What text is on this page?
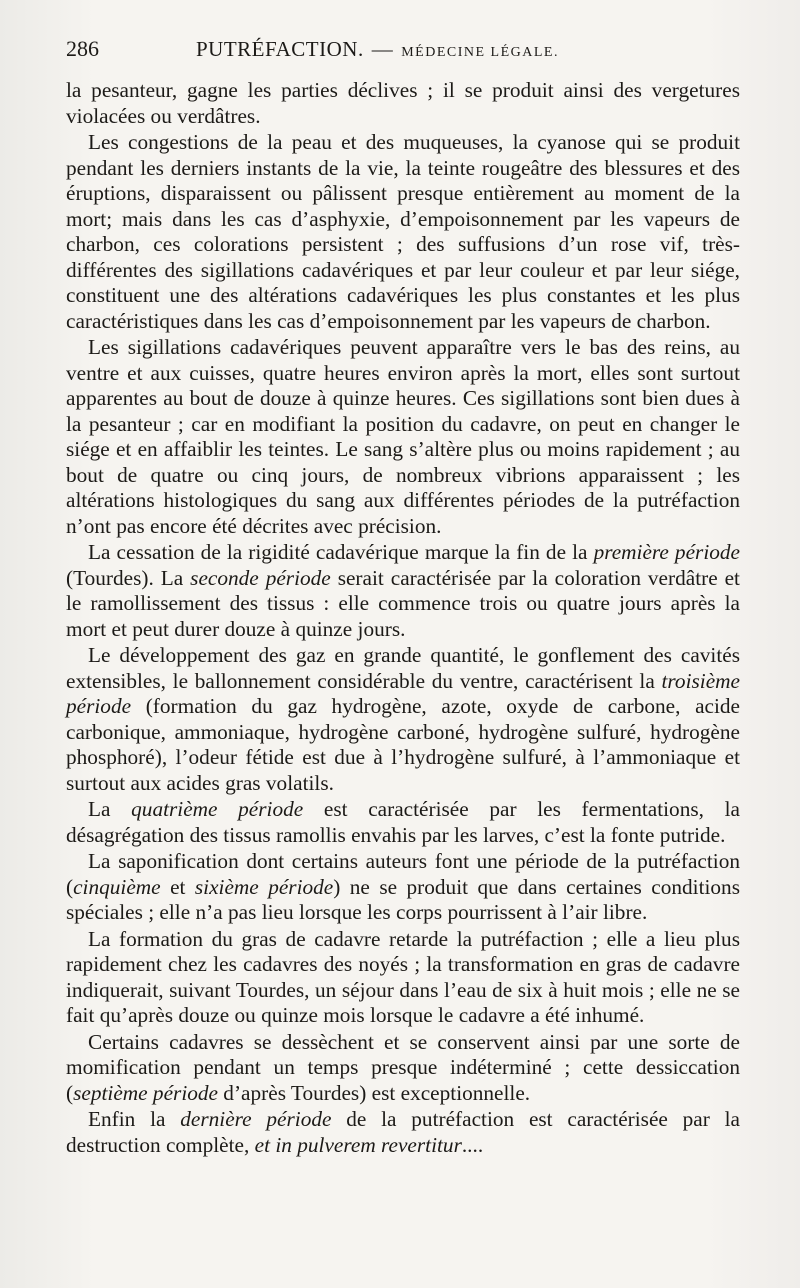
286	PUTRÉFACTION. — MÉDECINE LÉGALE.

la pesanteur, gagne les parties déclives ; il se produit ainsi des vergetures violacées ou verdâtres.

Les congestions de la peau et des muqueuses, la cyanose qui se produit pendant les derniers instants de la vie, la teinte rougeâtre des blessures et des éruptions, disparaissent ou pâlissent presque entièrement au moment de la mort; mais dans les cas d’asphyxie, d’empoisonnement par les vapeurs de charbon, ces colorations persistent ; des suffusions d’un rose vif, très-différentes des sigillations cadavériques et par leur couleur et par leur siége, constituent une des altérations cadavériques les plus constantes et les plus caractéristiques dans les cas d’empoisonnement par les vapeurs de charbon.

Les sigillations cadavériques peuvent apparaître vers le bas des reins, au ventre et aux cuisses, quatre heures environ après la mort, elles sont surtout apparentes au bout de douze à quinze heures. Ces sigillations sont bien dues à la pesanteur ; car en modifiant la position du cadavre, on peut en changer le siége et en affaiblir les teintes. Le sang s’altère plus ou moins rapidement ; au bout de quatre ou cinq jours, de nombreux vibrions apparaissent ; les altérations histologiques du sang aux différentes périodes de la putréfaction n’ont pas encore été décrites avec précision.

La cessation de la rigidité cadavérique marque la fin de la première période (Tourdes). La seconde période serait caractérisée par la coloration verdâtre et le ramollissement des tissus : elle commence trois ou quatre jours après la mort et peut durer douze à quinze jours.

Le développement des gaz en grande quantité, le gonflement des cavités extensibles, le ballonnement considérable du ventre, caractérisent la troisième période (formation du gaz hydrogène, azote, oxyde de carbone, acide carbonique, ammoniaque, hydrogène carboné, hydrogène sulfuré, hydrogène phosphoré), l’odeur fétide est due à l’hydrogène sulfuré, à l’ammoniaque et surtout aux acides gras volatils.

La quatrième période est caractérisée par les fermentations, la désagrégation des tissus ramollis envahis par les larves, c’est la fonte putride.

La saponification dont certains auteurs font une période de la putréfaction (cinquième et sixième période) ne se produit que dans certaines conditions spéciales ; elle n’a pas lieu lorsque les corps pourrissent à l’air libre.

La formation du gras de cadavre retarde la putréfaction ; elle a lieu plus rapidement chez les cadavres des noyés ; la transformation en gras de cadavre indiquerait, suivant Tourdes, un séjour dans l’eau de six à huit mois ; elle ne se fait qu’après douze ou quinze mois lorsque le cadavre a été inhumé.

Certains cadavres se dessèchent et se conservent ainsi par une sorte de momification pendant un temps presque indéterminé ; cette dessiccation (septième période d’après Tourdes) est exceptionnelle.

Enfin la dernière période de la putréfaction est caractérisée par la destruction complète, et in pulverem revertitur....
